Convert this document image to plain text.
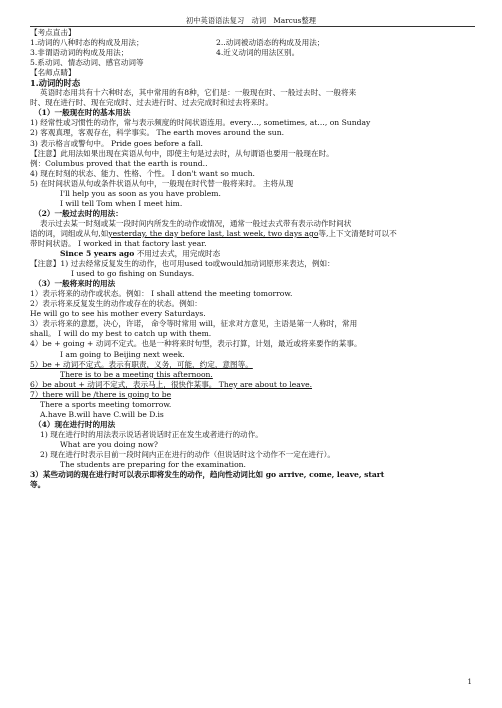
初中英语语法复习　动词　Marcus整理
【考点直击】
1.动词的八种时态的构成及用法；	2..动词被动语态的构成及用法；
3.非谓语动词的构成及用法；	4.近义动词的用法区别。
5.系动词、情态动词、感官动词等
【名师点睛】
1.动词的时态
英语时态用共有十六种时态，其中常用的有8种，它们是：一般现在时、一般过去时、一般将来
时、现在进行时、现在完成时、过去进行时、过去完成时和过去将来时。
（1）一般现在时的基本用法
1) 经常性或习惯性的动作，常与表示频度的时间状语连用。every…, sometimes, at…, on Sunday
2) 客观真理，客观存在，科学事实。 The earth moves around the sun.
3) 表示格言或警句中。 Pride goes before a fall.
【注意】此用法如果出现在宾语从句中，即使主句是过去时，从句谓语也要用一般现在时。
例：Columbus proved that the earth is round..
4) 现在时刻的状态、能力、性格、个性。 I don't want so much.
5) 在时间状语从句或条件状语从句中，一般现在时代替一般将来时。 主将从现
I'll help you as soon as you have problem.
I will tell Tom when I meet him.
（2）一般过去时的用法：
表示过去某一时刻或某一段时间内所发生的动作或情况，通常一般过去式带有表示动作时间状
语的词，词组或从句,如yesterday, the day before last, last week, two days ago等,上下文清楚时可以不
带时间状语。 I worked in that factory last year.
Since 5 years ago 不用过去式，用完成时态
【注意】1) 过去经常反复发生的动作，也可用used to或would加动词原形来表达，例如：
I used to go fishing on Sundays.
（3）一般将来时的用法
1）表示将来的动作或状态。例如： I shall attend the meeting tomorrow.
2）表示将来反复发生的动作或存在的状态。例如：
He will go to see his mother every Saturdays.
3）表示将来的意愿，决心，许诺， 命令等时常用 will，征求对方意见，主语是第一人称时，常用
shall。 I will do my best to catch up with them.
4）be + going + 动词不定式。也是一种将来时句型，表示打算，计划，最近或将来要作的某事。
I am going to Beijing next week.
5）be + 动词不定式。表示有职责，义务，可能，约定，意图等。
There is to be a meeting this afternoon.
6）be about + 动词不定式，表示马上，很快作某事。 They are about to leave.
7）there will be /there is going to be
There a sports meeting tomorrow.
A.have B.will have C.will be D.is
（4）现在进行时的用法
1) 现在进行时的用法表示说话者说话时正在发生或者进行的动作。
What are you doing now?
2) 现在进行时表示目前一段时间内正在进行的动作（但说话时这个动作不一定在进行）。
The students are preparing for the examination.
3）某些动词的现在进行时可以表示即将发生的动作，趋向性动词比如 go arrive, come, leave, start
等。
1
